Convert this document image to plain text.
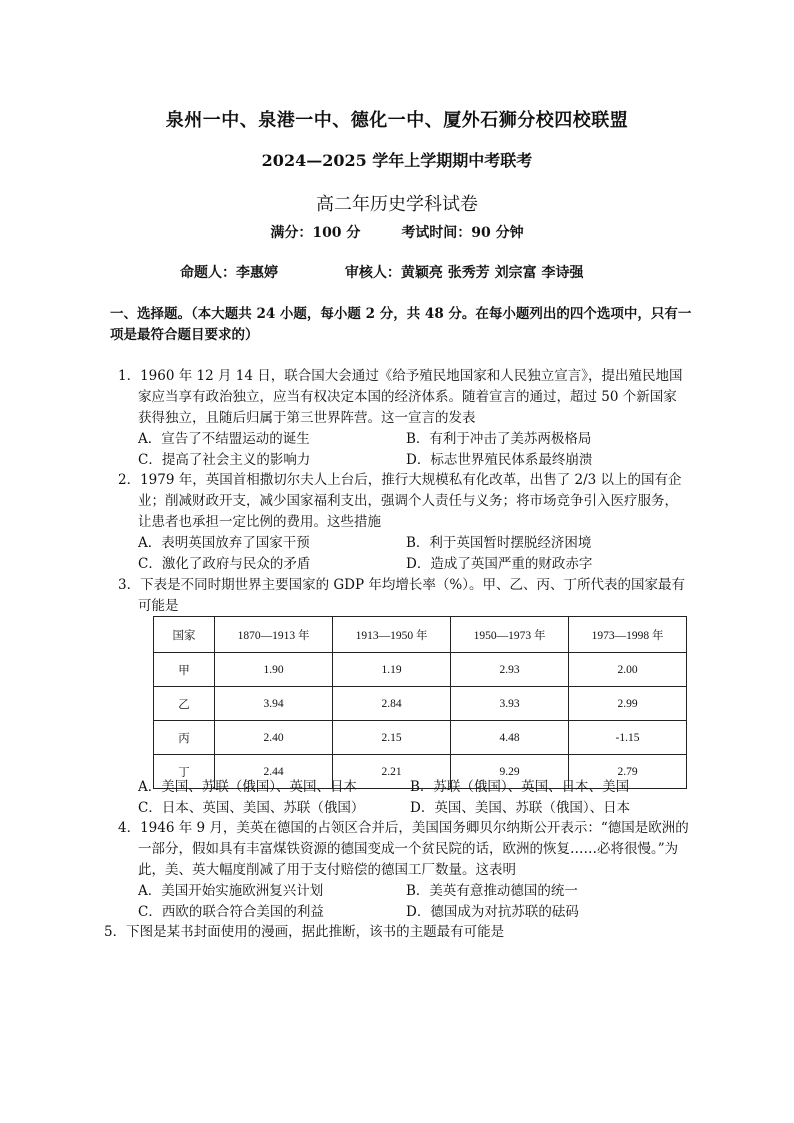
泉州一中、泉港一中、德化一中、厦外石狮分校四校联盟
2024—2025 学年上学期期中考联考
高二年历史学科试卷
满分：100 分	考试时间：90 分钟
命题人：李惠婷	审核人：黄颖亮 张秀芳 刘宗富 李诗强
一、选择题。（本大题共 24 小题，每小题 2 分，共 48 分。在每小题列出的四个选项中，只有一项是最符合题目要求的）
1．1960 年 12 月 14 日，联合国大会通过《给予殖民地国家和人民独立宣言》，提出殖民地国家应当享有政治独立，应当有权决定本国的经济体系。随着宣言的通过，超过 50 个新国家获得独立，且随后归属于第三世界阵营。这一宣言的发表
A．宣告了不结盟运动的诞生	B．有利于冲击了美苏两极格局
C．提高了社会主义的影响力	D．标志世界殖民体系最终崩溃
2．1979 年，英国首相撒切尔夫人上台后，推行大规模私有化改革，出售了 2/3 以上的国有企业；削减财政开支，减少国家福利支出，强调个人责任与义务；将市场竞争引入医疗服务，让患者也承担一定比例的费用。这些措施
A．表明英国放弃了国家干预	B．利于英国暂时摆脱经济困境
C．激化了政府与民众的矛盾	D．造成了英国严重的财政赤字
3．下表是不同时期世界主要国家的 GDP 年均增长率（%）。甲、乙、丙、丁所代表的国家最有可能是
国家	1870—1913 年	1913—1950 年	1950—1973 年	1973—1998 年
甲	1.90	1.19	2.93	2.00
乙	3.94	2.84	3.93	2.99
丙	2.40	2.15	4.48	-1.15
丁	2.44	2.21	9.29	2.79
A．美国、苏联（俄国）、英国、日本	B．苏联（俄国）、英国、日本、美国
C．日本、英国、美国、苏联（俄国）	D．英国、美国、苏联（俄国）、日本
4．1946 年 9 月，美英在德国的占领区合并后，美国国务卿贝尔纳斯公开表示：“德国是欧洲的一部分，假如具有丰富煤铁资源的德国变成一个贫民院的话，欧洲的恢复……必将很慢。”为此，美、英大幅度削减了用于支付赔偿的德国工厂数量。这表明
A．美国开始实施欧洲复兴计划	B．美英有意推动德国的统一
C．西欧的联合符合美国的利益	D．德国成为对抗苏联的砝码
5．下图是某书封面使用的漫画，据此推断，该书的主题最有可能是
